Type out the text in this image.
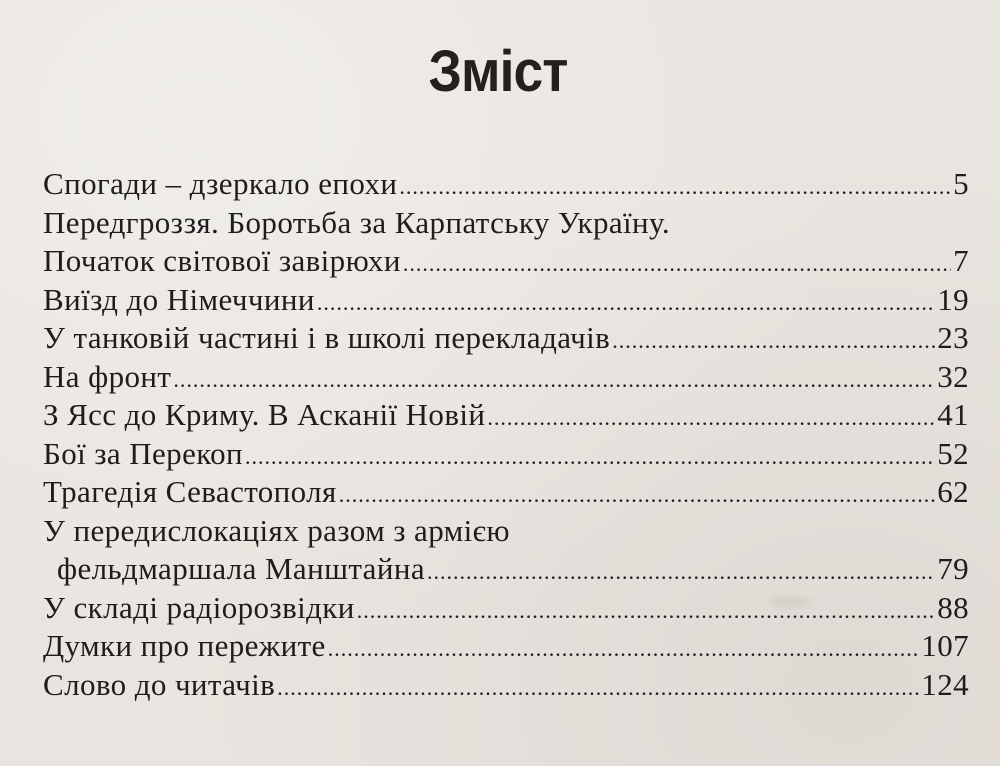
Зміст
Спогади – дзеркало епохи .....	5
Передгроззя. Боротьба за Карпатську Україну.
Початок світової завірюхи .....	7
Виїзд до Німеччини .....	19
У танковій частині і в школі перекладачів .....	23
На фронт .....	32
З Ясс до Криму. В Асканії Новій .....	41
Бої за Перекоп .....	52
Трагедія Севастополя .....	62
У передислокаціях разом з армією
фельдмаршала Манштайна .....	79
У складі радіорозвідки .....	88
Думки про пережите .....	107
Слово до читачів .....	124
